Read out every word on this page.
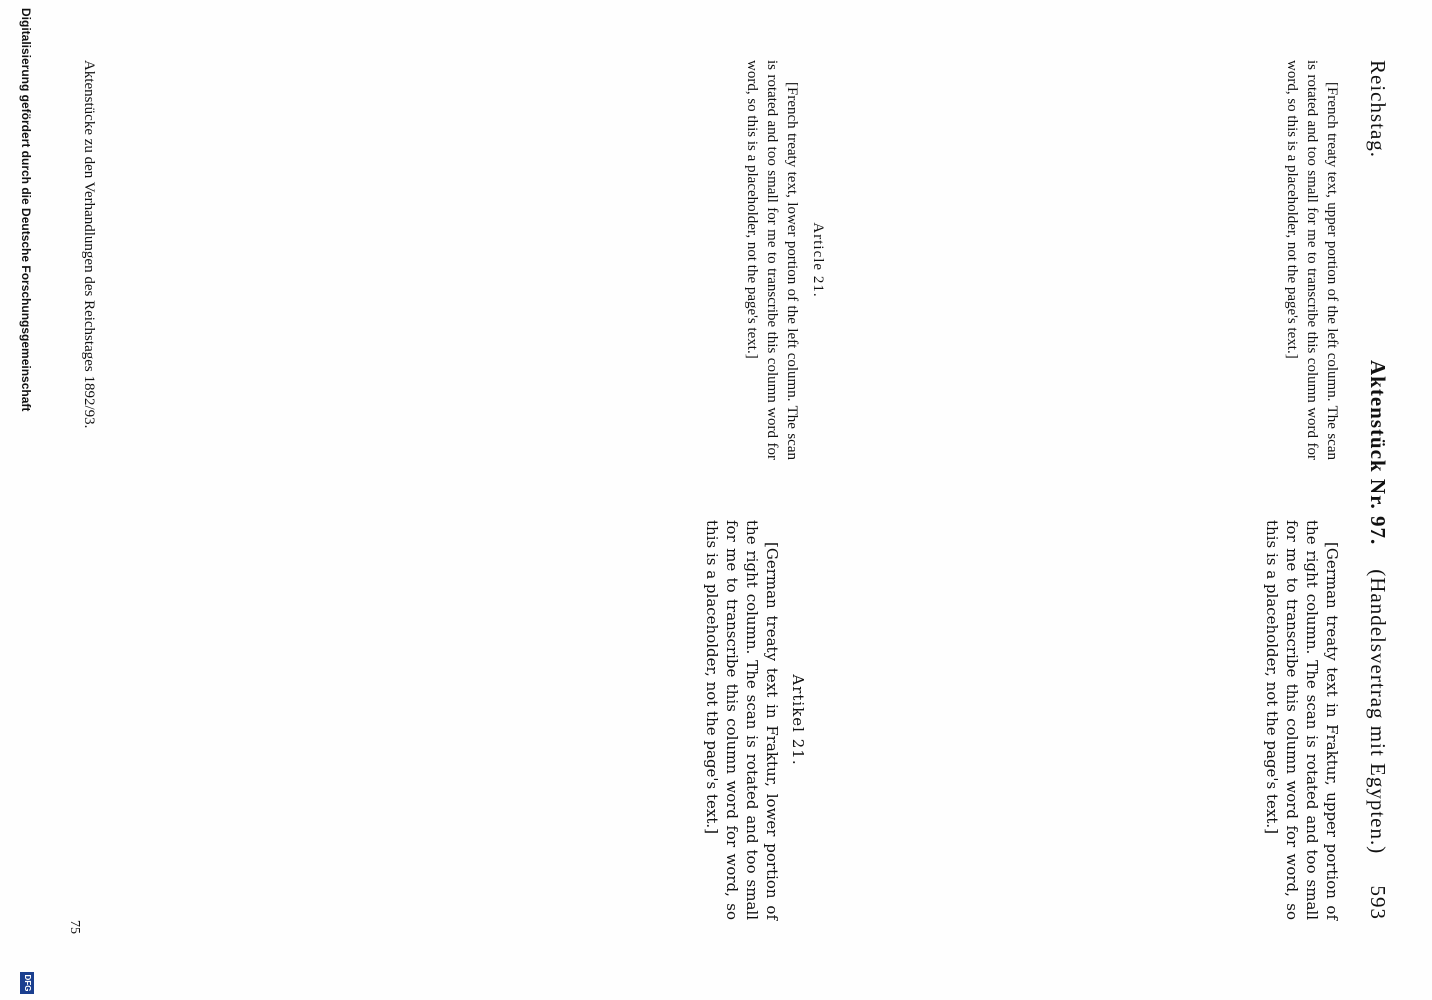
Reichstag.
Aktenstück Nr. 97.
(Handelsvertrag mit Egypten.)     593

[French treaty text, upper portion of the left column. The scan is rotated and too small for me to transcribe this column word for word, so this is a placeholder, not the page's text.]

Article 21.

[French treaty text, lower portion of the left column. The scan is rotated and too small for me to transcribe this column word for word, so this is a placeholder, not the page's text.]

[German treaty text in Fraktur, upper portion of the right column. The scan is rotated and too small for me to transcribe this column word for word, so this is a placeholder, not the page's text.]

Artikel 21.

[German treaty text in Fraktur, lower portion of the right column. The scan is rotated and too small for me to transcribe this column word for word, so this is a placeholder, not the page's text.]

Aktenstücke zu den Verhandlungen des Reichstages 1892/93.
75
Digitalisierung gefördert durch die Deutsche Forschungsgemeinschaft
DFG
